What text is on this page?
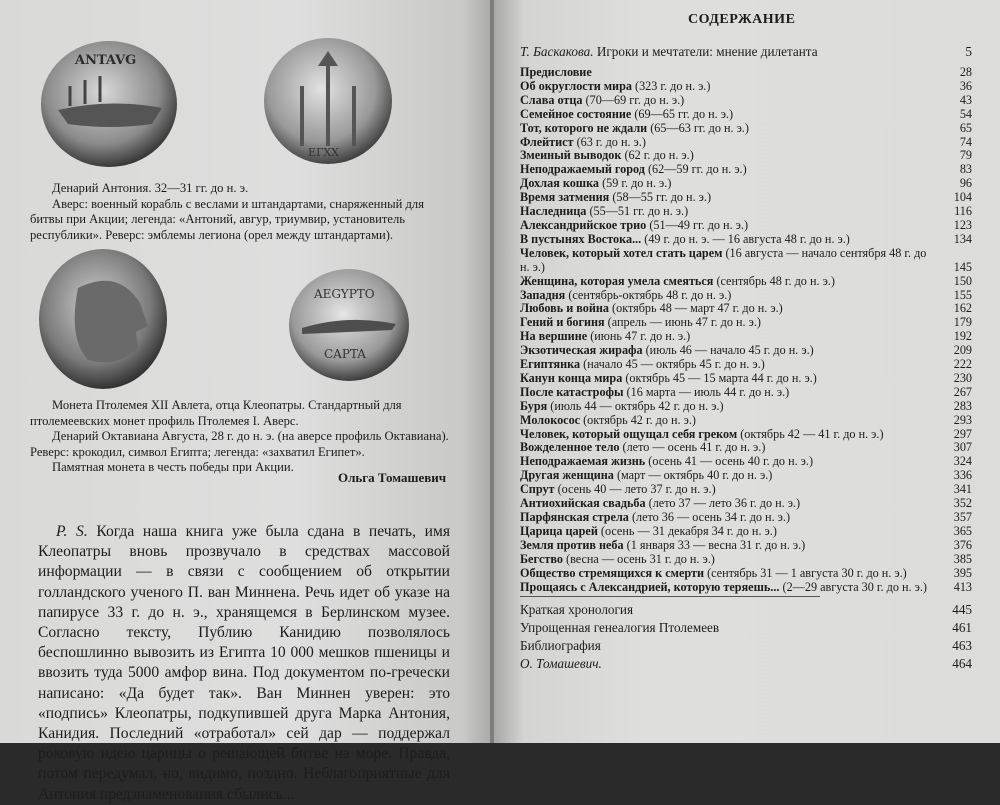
ANTAVG
ЕГХХ

Денарий Антония. 32—31 гг. до н. э.

Аверс: военный корабль с веслами и штандартами, снаряженный для битвы при Акции; легенда: «Антоний, авгур, триумвир, установитель республики». Реверс: эмблемы легиона (орел между штандартами).

AEGYPTO
CAPTA

Монета Птолемея XII Авлета, отца Клеопатры. Стандартный для птолемеевских монет профиль Птолемея I. Аверс.

Денарий Октавиана Августа, 28 г. до н. э. (на аверсе профиль Октавиана). Реверс: крокодил, символ Египта; легенда: «захватил Египет».

Памятная монета в честь победы при Акции.

Ольга Томашевич
P. S. Когда наша книга уже была сдана в печать, имя Клеопатры вновь прозвучало в средствах массовой информации — в связи с сообщением об открытии голландского ученого П. ван Миннена. Речь идет об указе на папирусе 33 г. до н. э., хранящемся в Берлинском музее. Согласно тексту, Публию Канидию позволялось беспошлинно вывозить из Египта 10 000 мешков пшеницы и ввозить туда 5000 амфор вина. Под документом по-гречески написано: «Да будет так». Ван Миннен уверен: это «подпись» Клеопатры, подкупившей друга Марка Антония, Канидия. Последний «отработал» сей дар — поддержал роковую идею царицы о решающей битве на море. Правда, потом передумал, но, видимо, поздно. Неблагоприятные для Антония предзнаменования сбылись...
СОДЕРЖАНИЕ
Т. Баскакова. Игроки и мечтатели: мнение дилетанта	5
Предисловие	28
Об округлости мира (323 г. до н. э.)	36
Слава отца (70—69 гг. до н. э.)	43
Семейное состояние (69—65 гг. до н. э.)	54
Тот, которого не ждали (65—63 гг. до н. э.)	65
Флейтист (63 г. до н. э.)	74
Змеиный выводок (62 г. до н. э.)	79
Неподражаемый город (62—59 гг. до н. э.)	83
Дохлая кошка (59 г. до н. э.)	96
Время затмения (58—55 гг. до н. э.)	104
Наследница (55—51 гг. до н. э.)	116
Александрийское трио (51—49 гг. до н. э.)	123
В пустынях Востока... (49 г. до н. э. — 16 августа 48 г. до н. э.)	134
Человек, который хотел стать царем (16 августа — начало сентября 48 г. до н. э.)	145
Женщина, которая умела смеяться (сентябрь 48 г. до н. э.)	150
Западня (сентябрь-октябрь 48 г. до н. э.)	155
Любовь и война (октябрь 48 — март 47 г. до н. э.)	162
Гений и богиня (апрель — июнь 47 г. до н. э.)	179
На вершине (июнь 47 г. до н. э.)	192
Экзотическая жирафа (июль 46 — начало 45 г. до н. э.)	209
Египтянка (начало 45 — октябрь 45 г. до н. э.)	222
Канун конца мира (октябрь 45 — 15 марта 44 г. до н. э.)	230
После катастрофы (16 марта — июль 44 г. до н. э.)	267
Буря (июль 44 — октябрь 42 г. до н. э.)	283
Молокосос (октябрь 42 г. до н. э.)	293
Человек, который ощущал себя греком (октябрь 42 — 41 г. до н. э.)	297
Вожделенное тело (лето — осень 41 г. до н. э.)	307
Неподражаемая жизнь (осень 41 — осень 40 г. до н. э.)	324
Другая женщина (март — октябрь 40 г. до н. э.)	336
Спрут (осень 40 — лето 37 г. до н. э.)	341
Антиохийская свадьба (лето 37 — лето 36 г. до н. э.)	352
Парфянская стрела (лето 36 — осень 34 г. до н. э.)	357
Царица царей (осень — 31 декабря 34 г. до н. э.)	365
Земля против неба (1 января 33 — весна 31 г. до н. э.)	376
Бегство (весна — осень 31 г. до н. э.)	385
Общество стремящихся к смерти (сентябрь 31 — 1 августа 30 г. до н. э.)	395
Прощаясь с Александрией, которую теряешь... (2—29 августа 30 г. до н. э.) 413
Краткая хронология	445
Упрощенная генеалогия Птолемеев	461
Библиография	463
О. Томашевич.	464
